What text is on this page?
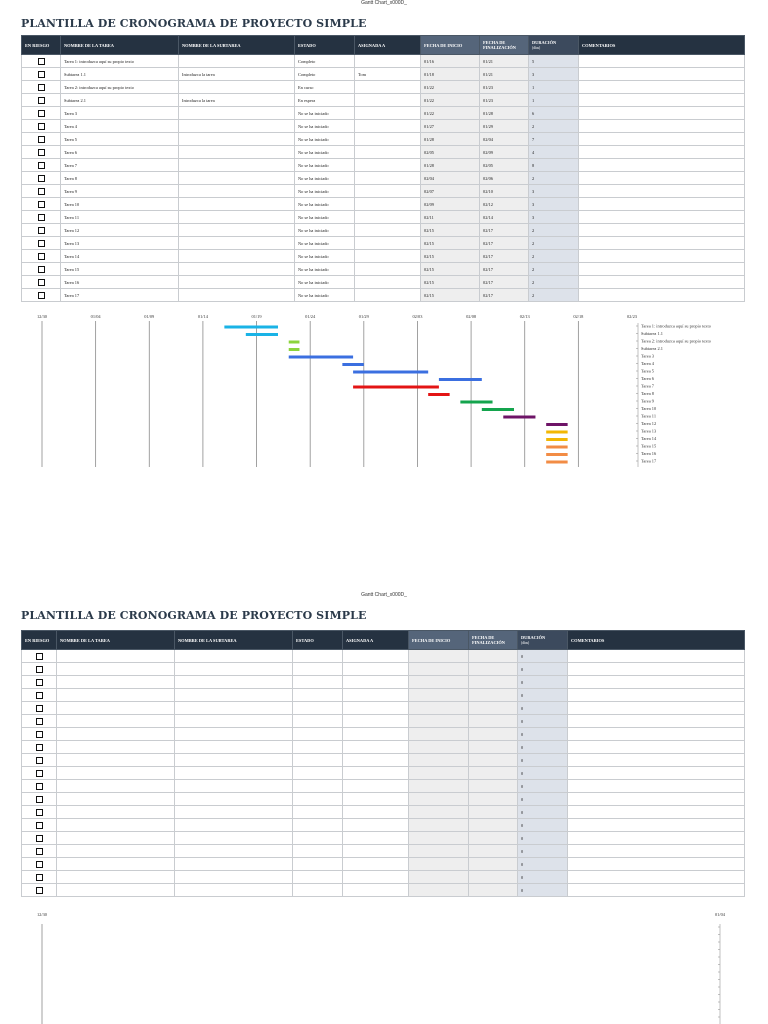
Gantt Chart_x000D_
PLANTILLA DE CRONOGRAMA DE PROYECTO SIMPLE
EN RIESGO	NOMBRE DE LA TAREA	NOMBRE DE LA SUBTAREA	ESTADO	ASIGNADA A	FECHA DE INICIO	FECHA DE FINALIZACIÓN	DURACIÓN
(días)	COMENTARIOS
	Tarea 1: introduzca aquí su propio texto		Completo		01/16	01/21	5	
	Subtarea 1.1	Introduzca la tarea	Completo	Tom	01/18	01/21	3	
	Tarea 2: introduzca aquí su propio texto		En curso		01/22	01/23	1	
	Subtarea 2.1	Introduzca la tarea	En espera		01/22	01/23	1	
	Tarea 3		No se ha iniciado		01/22	01/28	6	
	Tarea 4		No se ha iniciado		01/27	01/29	2	
	Tarea 5		No se ha iniciado		01/28	02/04	7	
	Tarea 6		No se ha iniciado		02/05	02/09	4	
	Tarea 7		No se ha iniciado		01/28	02/05	8	
	Tarea 8		No se ha iniciado		02/04	02/06	2	
	Tarea 9		No se ha iniciado		02/07	02/10	3	
	Tarea 10		No se ha iniciado		02/09	02/12	3	
	Tarea 11		No se ha iniciado		02/11	02/14	3	
	Tarea 12		No se ha iniciado		02/15	02/17	2	
	Tarea 13		No se ha iniciado		02/15	02/17	2	
	Tarea 14		No se ha iniciado		02/15	02/17	2	
	Tarea 15		No se ha iniciado		02/15	02/17	2	
	Tarea 16		No se ha iniciado		02/15	02/17	2	
	Tarea 17		No se ha iniciado		02/15	02/17	2	
12/30	01/04	01/09	01/14	01/19	01/24	01/29	02/03	02/08	02/13	02/18	02/23
Tarea 1: introduzca aquí su propio texto
Subtarea 1.1
Tarea 2: introduzca aquí su propio texto
Subtarea 2.1
Tarea 3
Tarea 4
Tarea 5
Tarea 6
Tarea 7
Tarea 8
Tarea 9
Tarea 10
Tarea 11
Tarea 12
Tarea 13
Tarea 14
Tarea 15
Tarea 16
Tarea 17
Gantt Chart_x000D_
PLANTILLA DE CRONOGRAMA DE PROYECTO SIMPLE
EN RIESGO	NOMBRE DE LA TAREA	NOMBRE DE LA SUBTAREA	ESTADO	ASIGNADA A	FECHA DE INICIO	FECHA DE FINALIZACIÓN	DURACIÓN
(días)	COMENTARIOS
							0	
							0	
							0	
							0	
							0	
							0	
							0	
							0	
							0	
							0	
							0	
							0	
							0	
							0	
							0	
							0	
							0	
							0	
							0	
12/30	01/04
